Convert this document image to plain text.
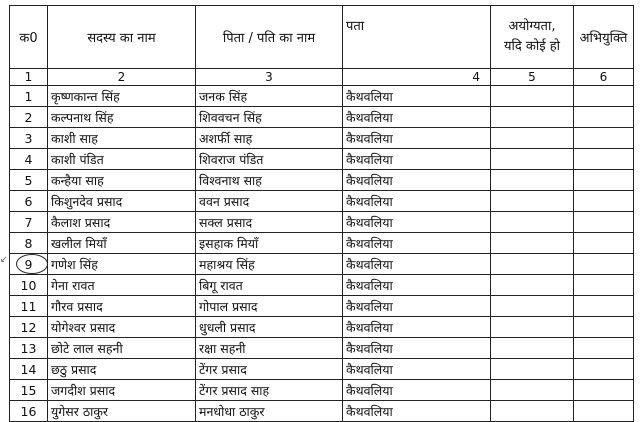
↙
क0	सदस्य का नाम	पिता / पति का नाम	पता	अयोग्यता,
यदि कोई हो	अभियुक्ति
1	2	3	4	5	6
1	कृष्णकान्त सिंह	जनक सिंह	कैथवलिया		
2	कल्पनाथ सिंह	शिववचन सिंह	कैथवलिया		
3	काशी साह	अशर्फी साह	कैथवलिया		
4	काशी पंडित	शिवराज पंडित	कैथवलिया		
5	कन्हैया साह	विश्वनाथ साह	कैथवलिया		
6	किशुनदेव प्रसाद	ववन प्रसाद	कैथवलिया		
7	कैलाश प्रसाद	सक्ल प्रसाद	कैथवलिया		
8	खलील मियाँ	इसहाक मियाँ	कैथवलिया		
9	गणेश सिंह	महाश्रय सिंह	कैथवलिया		
10	गेना रावत	बिगू रावत	कैथवलिया		
11	गौरव प्रसाद	गोपाल प्रसाद	कैथवलिया		
12	योगेश्वर प्रसाद	धुधली प्रसाद	कैथवलिया		
13	छोटे लाल सहनी	रक्षा सहनी	कैथवलिया		
14	छठु प्रसाद	टेंगर प्रसाद	कैथवलिया		
15	जगदीश प्रसाद	टेंगर प्रसाद साह	कैथवलिया		
16	युगेसर ठाकुर	मनधोधा ठाकुर	कैथवलिया		
